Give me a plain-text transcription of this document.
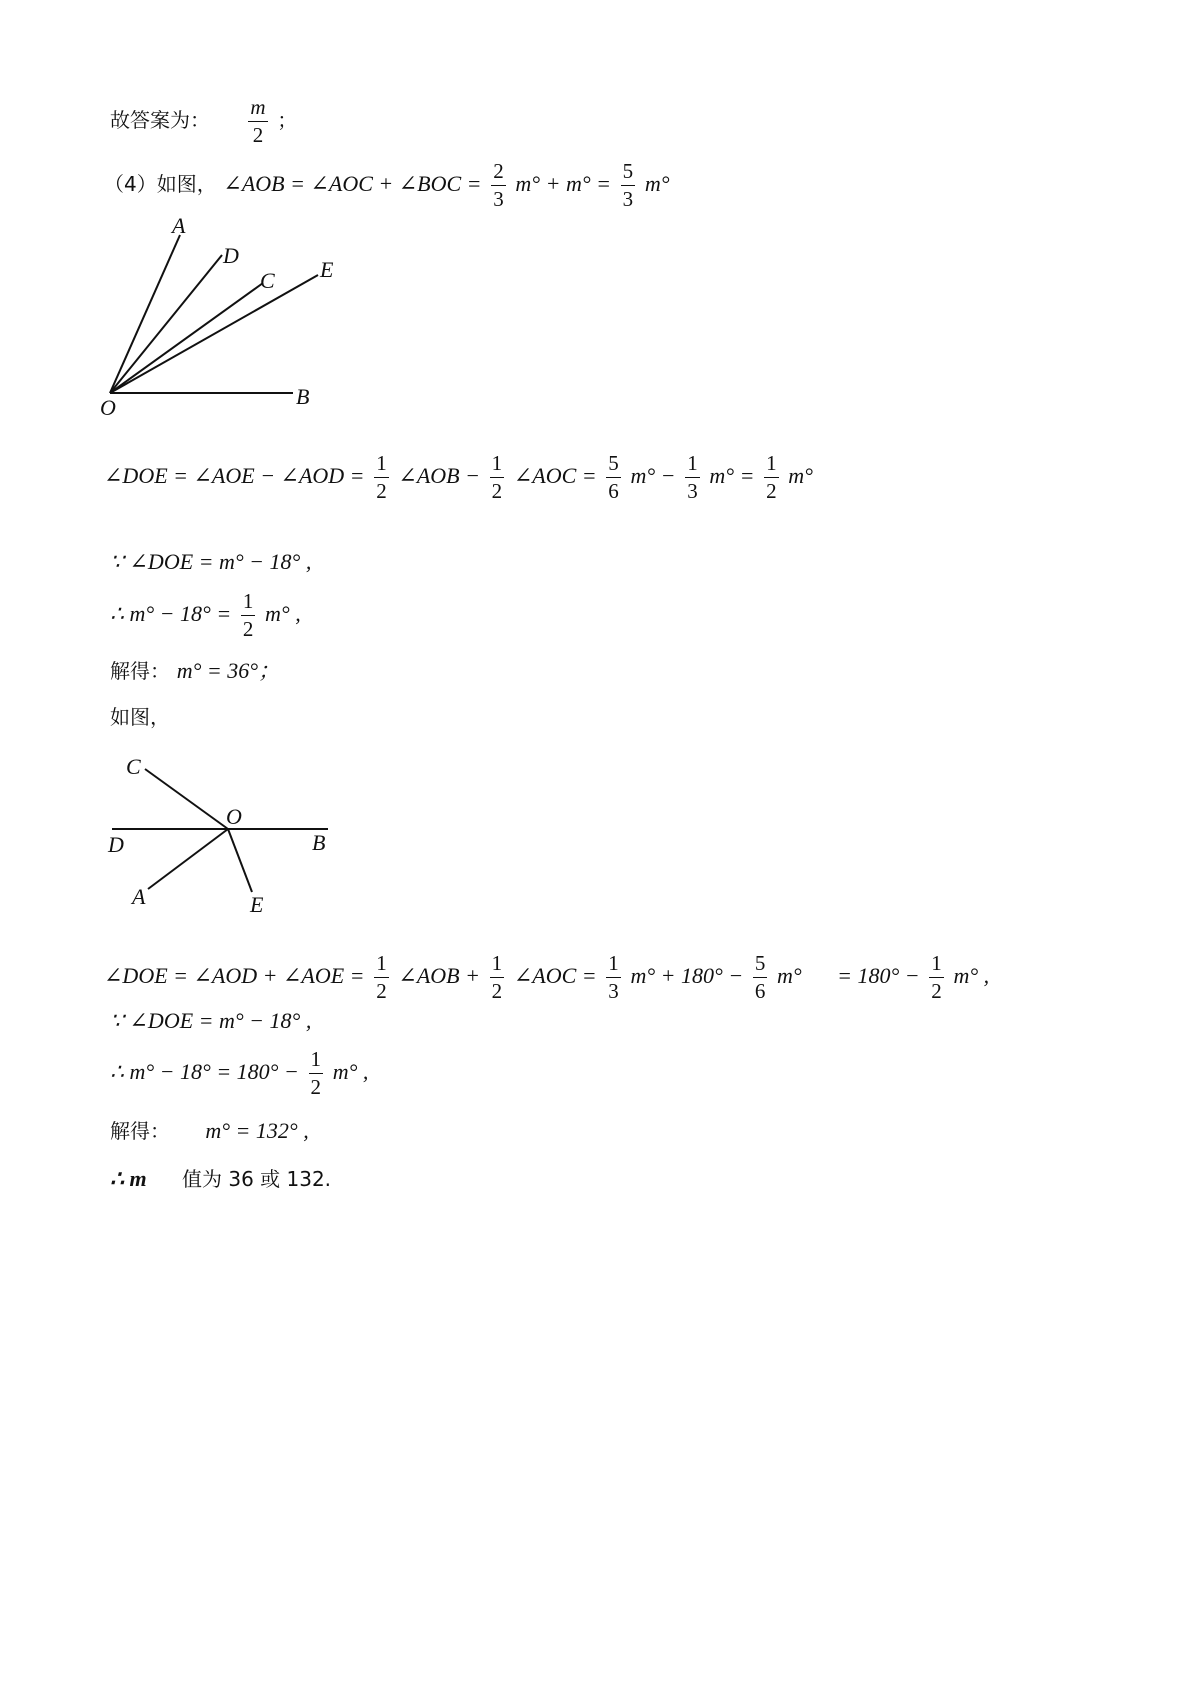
故答案为： $\frac{m}{2}$ ；
（4）如图， ∠AOB = ∠AOC + ∠BOC = $\frac{2}{3} m^\circ + m^\circ = \frac{5}{3} m^\circ$
A
D
C E
O	B
∠DOE = ∠AOE − ∠AOD = $\frac{1}{2}$ ∠AOB − $\frac{1}{2}$ ∠AOC = $\frac{5}{6} m^\circ - \frac{1}{3} m^\circ = \frac{1}{2} m^\circ$
∵ ∠DOE = m° − 18° ,
∴ $m^\circ - 18^\circ = \frac{1}{2} m^\circ$ ,
解得： m° = 36°；
如图，
C
O
D	B
A	E
∠DOE = ∠AOD + ∠AOE = $\frac{1}{2}$ ∠AOB + $\frac{1}{2}$ ∠AOC = $\frac{1}{3} m^\circ + 180^\circ - \frac{5}{6} m^\circ = 180^\circ - \frac{1}{2} m^\circ$ ,
∵ ∠DOE = m° − 18° ,
∴ $m^\circ - 18^\circ = 180^\circ - \frac{1}{2} m^\circ$ ,
解得： m° = 132° ,
∴ m 值为 36 或 132.
